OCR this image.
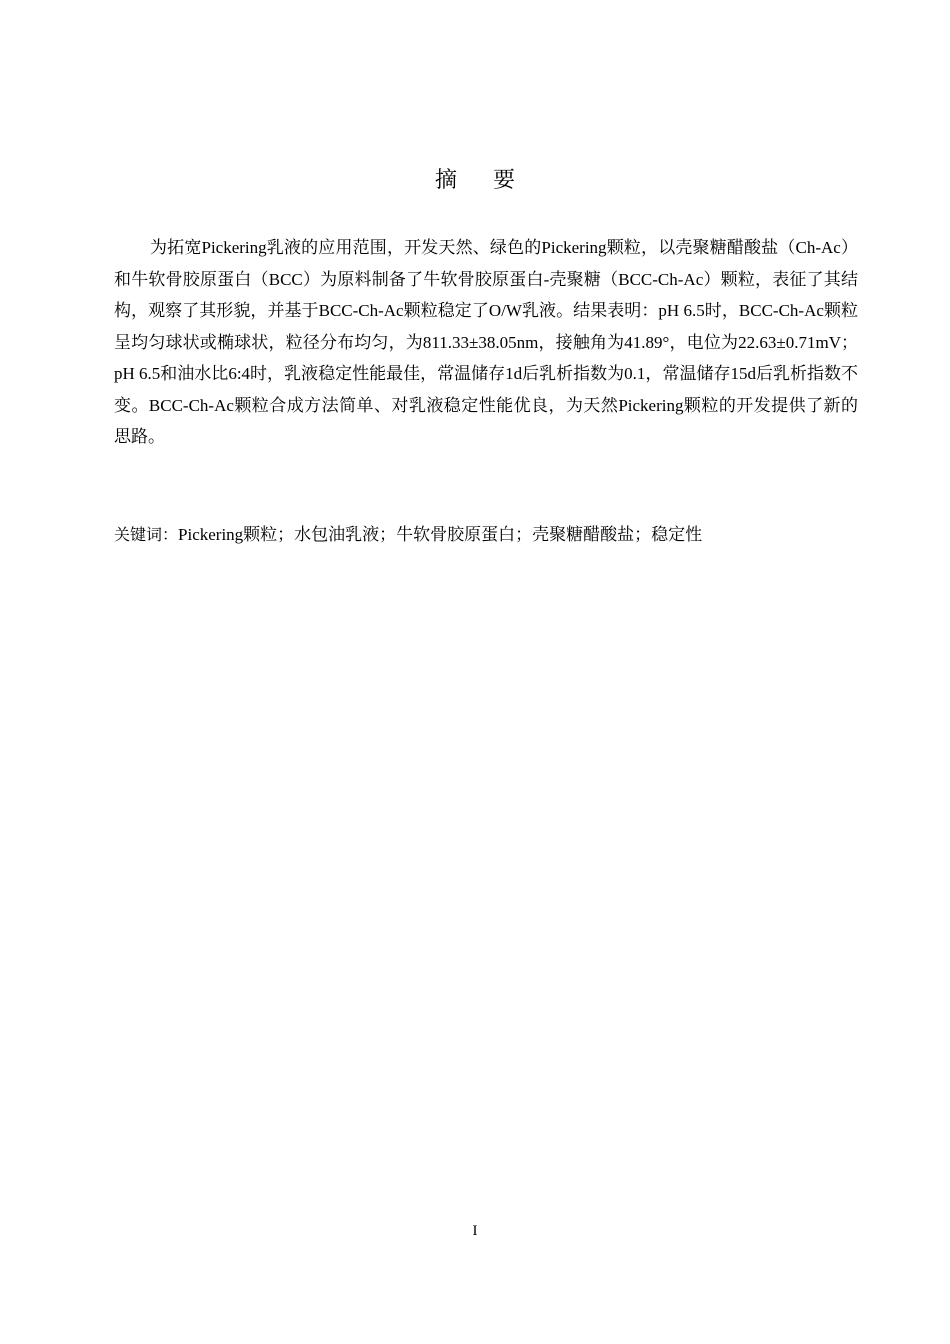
摘 要

为拓宽Pickering乳液的应用范围，开发天然、绿色的Pickering颗粒，以壳聚糖醋酸盐（Ch-Ac）和牛软骨胶原蛋白（BCC）为原料制备了牛软骨胶原蛋白-壳聚糖（BCC-Ch-Ac）颗粒，表征了其结构，观察了其形貌，并基于BCC-Ch-Ac颗粒稳定了O/W乳液。结果表明：pH 6.5时，BCC-Ch-Ac颗粒呈均匀球状或椭球状，粒径分布均匀，为811.33±38.05nm，接触角为41.89°，电位为22.63±0.71mV；pH 6.5和油水比6:4时，乳液稳定性能最佳，常温储存1d后乳析指数为0.1，常温储存15d后乳析指数不变。BCC-Ch-Ac颗粒合成方法简单、对乳液稳定性能优良，为天然Pickering颗粒的开发提供了新的思路。

关键词：Pickering颗粒；水包油乳液；牛软骨胶原蛋白；壳聚糖醋酸盐；稳定性

I
